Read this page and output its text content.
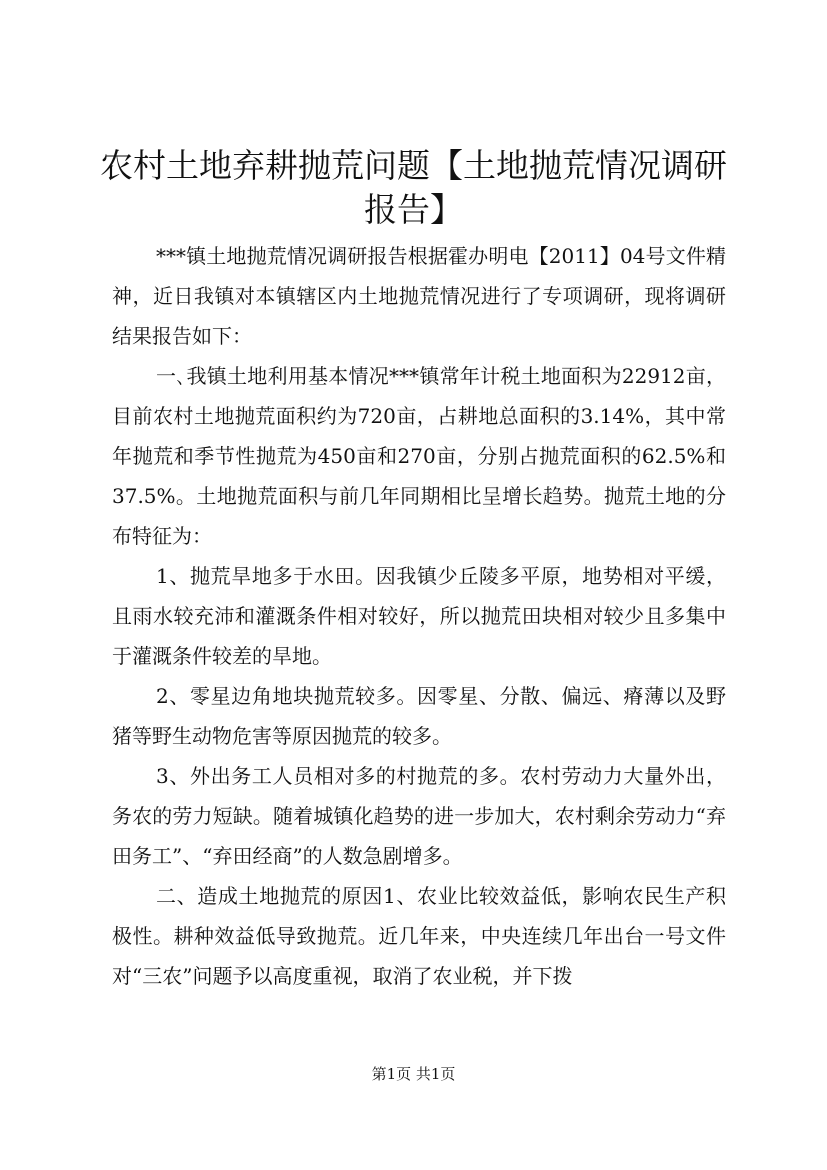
农村土地弃耕抛荒问题【土地抛荒情况调研报告】

***镇土地抛荒情况调研报告根据霍办明电【2011】04号文件精神，近日我镇对本镇辖区内土地抛荒情况进行了专项调研，现将调研结果报告如下：

一､我镇土地利用基本情况***镇常年计税土地面积为22912亩，目前农村土地抛荒面积约为720亩，占耕地总面积的3.14%，其中常年抛荒和季节性抛荒为450亩和270亩，分别占抛荒面积的62.5%和37.5%。土地抛荒面积与前几年同期相比呈增长趋势。抛荒土地的分布特征为：

1、抛荒旱地多于水田。因我镇少丘陵多平原，地势相对平缓，且雨水较充沛和灌溉条件相对较好，所以抛荒田块相对较少且多集中于灌溉条件较差的旱地。

2、零星边角地块抛荒较多。因零星、分散、偏远、瘠薄以及野猪等野生动物危害等原因抛荒的较多。

3、外出务工人员相对多的村抛荒的多。农村劳动力大量外出，务农的劳力短缺。随着城镇化趋势的进一步加大，农村剩余劳动力“弃田务工”、“弃田经商”的人数急剧增多。

二、造成土地抛荒的原因1、农业比较效益低，影响农民生产积极性。耕种效益低导致抛荒。近几年来，中央连续几年出台一号文件对“三农”问题予以高度重视，取消了农业税，并下拨

第1页 共1页
